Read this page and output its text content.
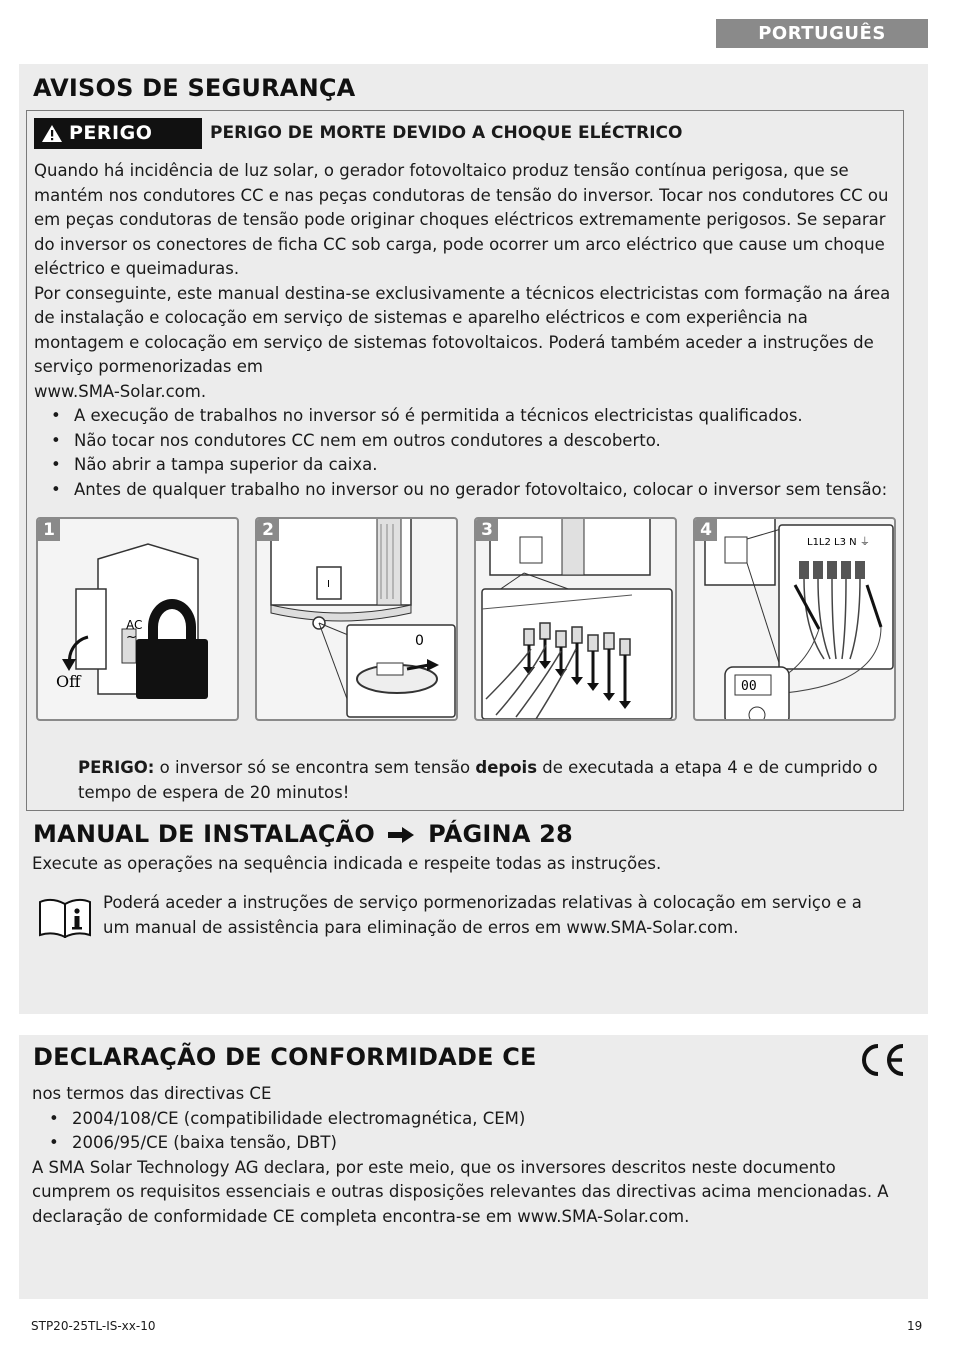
PORTUGUÊS
AVISOS DE SEGURANÇA
PERIGO	PERIGO DE MORTE DEVIDO A CHOQUE ELÉCTRICO

Quando há incidência de luz solar, o gerador fotovoltaico produz tensão contínua perigosa, que se mantém nos condutores CC e nas peças condutoras de tensão do inversor. Tocar nos condutores CC ou em peças condutoras de tensão pode originar choques eléctricos extremamente perigosos. Se separar do inversor os conectores de ficha CC sob carga, pode ocorrer um arco eléctrico que cause um choque eléctrico e queimaduras.

Por conseguinte, este manual destina-se exclusivamente a técnicos electricistas com formação na área de instalação e colocação em serviço de sistemas e aparelho eléctricos e com experiência na montagem e colocação em serviço de sistemas fotovoltaicos. Poderá também aceder a instruções de serviço pormenorizadas em

www.SMA-Solar.com.

• A execução de trabalhos no inversor só é permitida a técnicos electricistas qualificados.
• Não tocar nos condutores CC nem em outros condutores a descoberto.
• Não abrir a tampa superior da caixa.
• Antes de qualquer trabalho no inversor ou no gerador fotovoltaico, colocar o inversor sem tensão:
AC
~
Off
1
I
0
2	3
L1L2 L3 N ⏚
00
4
PERIGO: o inversor só se encontra sem tensão depois de executada a etapa 4 e de cumprido o tempo de espera de 20 minutos!
MANUAL DE INSTALAÇÃO PÁGINA 28
Execute as operações na sequência indicada e respeite todas as instruções.
Poderá aceder a instruções de serviço pormenorizadas relativas à colocação em serviço e a um manual de assistência para eliminação de erros em www.SMA-Solar.com.
DECLARAÇÃO DE CONFORMIDADE CE

nos termos das directivas CE

• 2004/108/CE (compatibilidade electromagnética, CEM)
• 2006/95/CE (baixa tensão, DBT)

A SMA Solar Technology AG declara, por este meio, que os inversores descritos neste documento cumprem os requisitos essenciais e outras disposições relevantes das directivas acima mencionadas. A declaração de conformidade CE completa encontra-se em www.SMA-Solar.com.

STP20-25TL-IS-xx-10	19
